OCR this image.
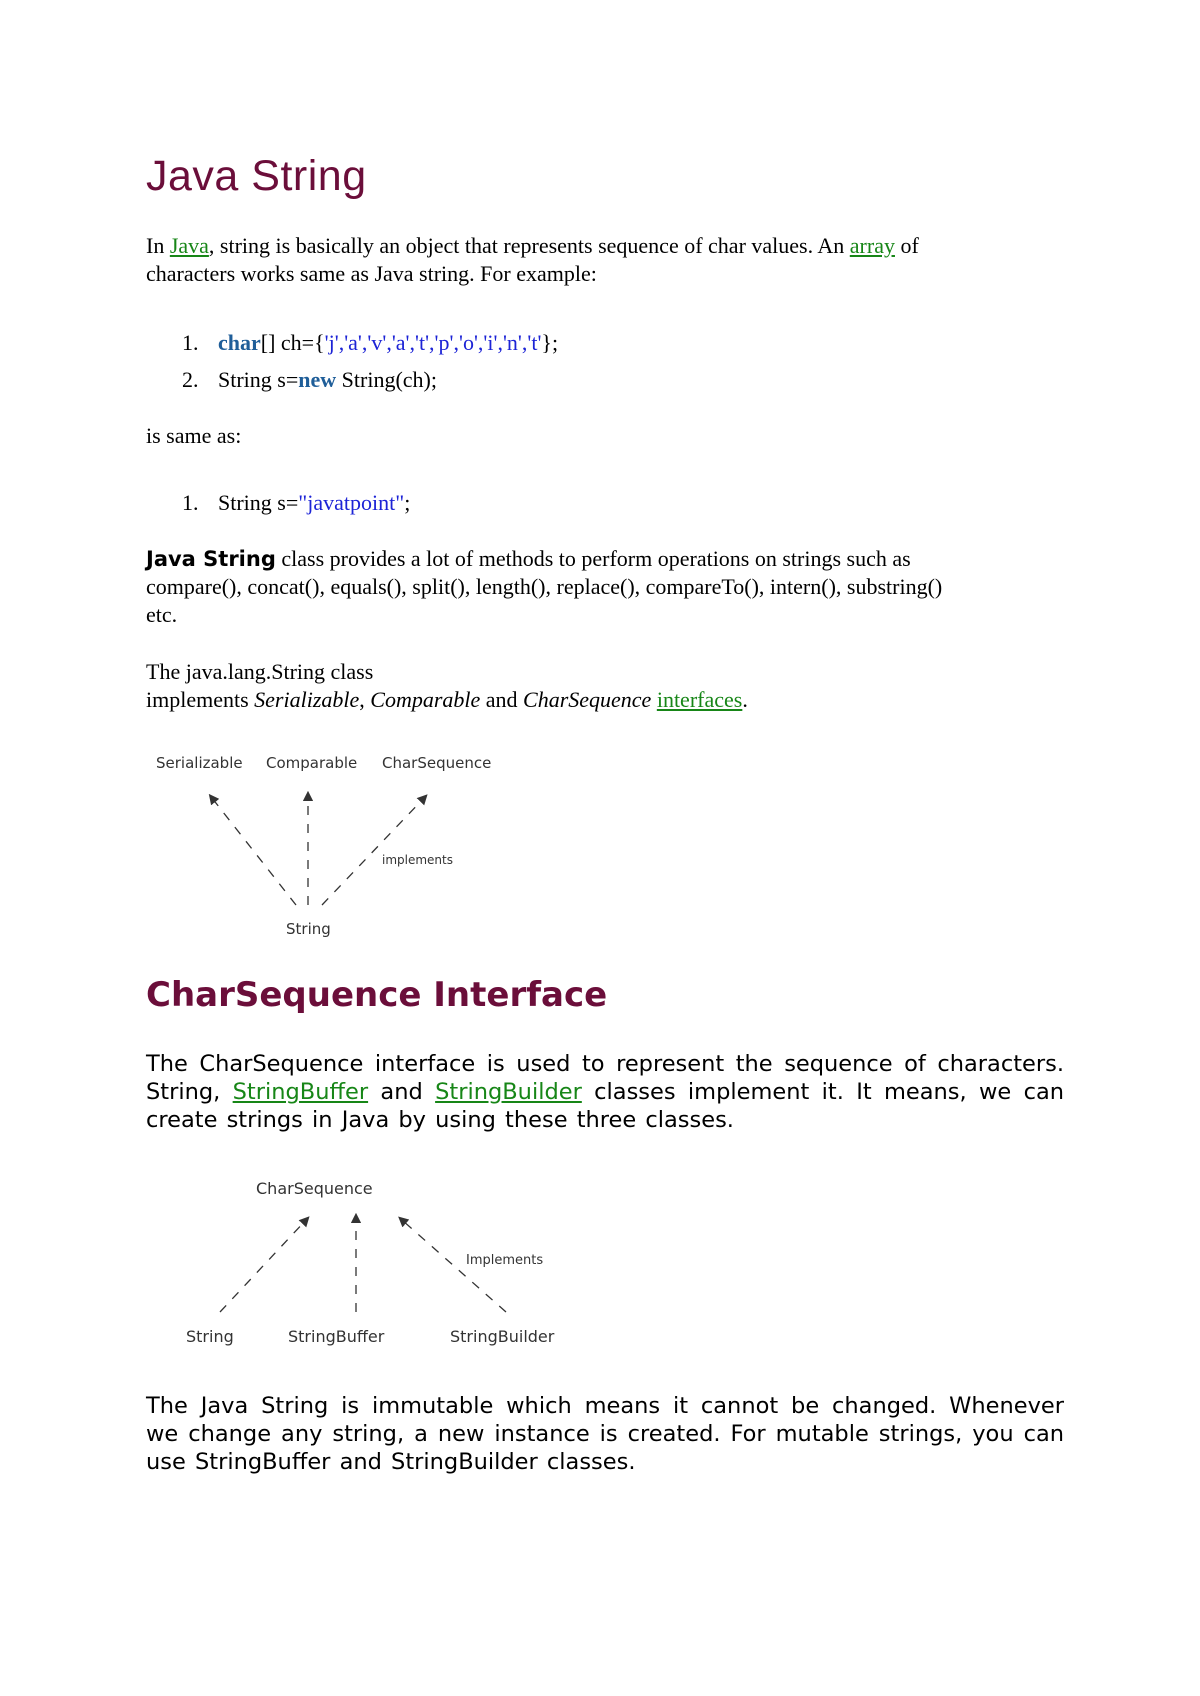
Java String
In Java, string is basically an object that represents sequence of char values. An array of
characters works same as Java string. For example:
1. char[] ch={'j','a','v','a','t','p','o','i','n','t'};
2. String s=new String(ch);
is same as:
1. String s="javatpoint";
Java String class provides a lot of methods to perform operations on strings such as
compare(), concat(), equals(), split(), length(), replace(), compareTo(), intern(), substring()
etc.
The java.lang.String class
implements Serializable, Comparable and CharSequence interfaces.
Serializable Comparable CharSequence
implements
String
CharSequence Interface
The CharSequence interface is used to represent the sequence of characters. String, StringBuffer and StringBuilder classes implement it. It means, we can create strings in Java by using these three classes.
CharSequence
Implements
String	StringBuffer	StringBuilder
The Java String is immutable which means it cannot be changed. Whenever we change any string, a new instance is created. For mutable strings, you can use StringBuffer and StringBuilder classes.
